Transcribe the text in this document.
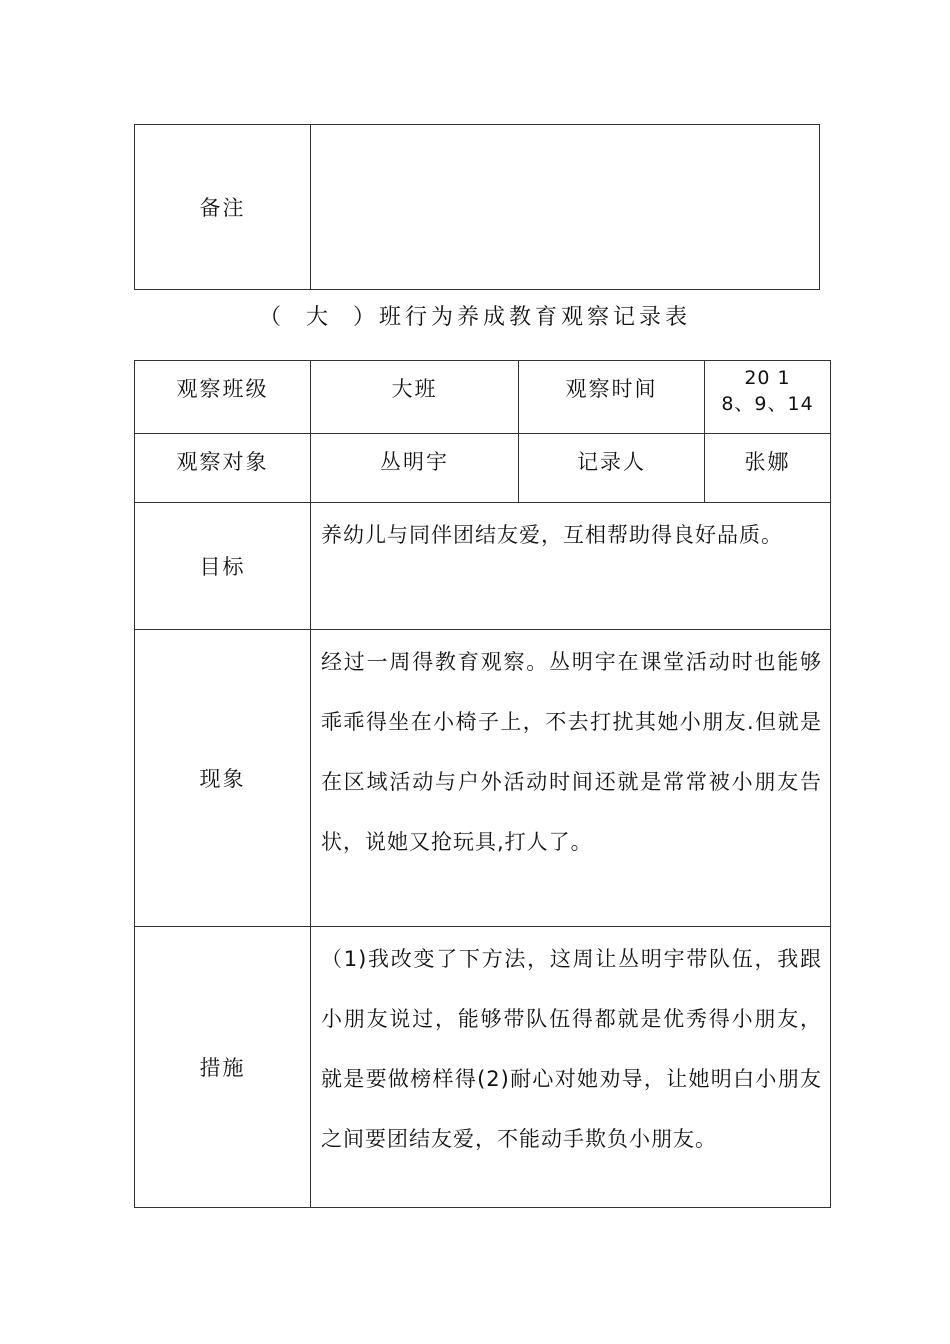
备注	
（ 大 ）班行为养成教育观察记录表
观察班级	大班	观察时间	20 1
8、9、14

观察对象	丛明宇	记录人	张娜
目标	养幼儿与同伴团结友爱，互相帮助得良好品质。		
现象	经过一周得教育观察。丛明宇在课堂活动时也能够乖乖得坐在小椅子上，不去打扰其她小朋友.但就是在区域活动与户外活动时间还就是常常被小朋友告状，说她又抢玩具,打人了。		
措施	（1)我改变了下方法，这周让丛明宇带队伍，我跟小朋友说过，能够带队伍得都就是优秀得小朋友，就是要做榜样得(2)耐心对她劝导，让她明白小朋友之间要团结友爱，不能动手欺负小朋友。		
